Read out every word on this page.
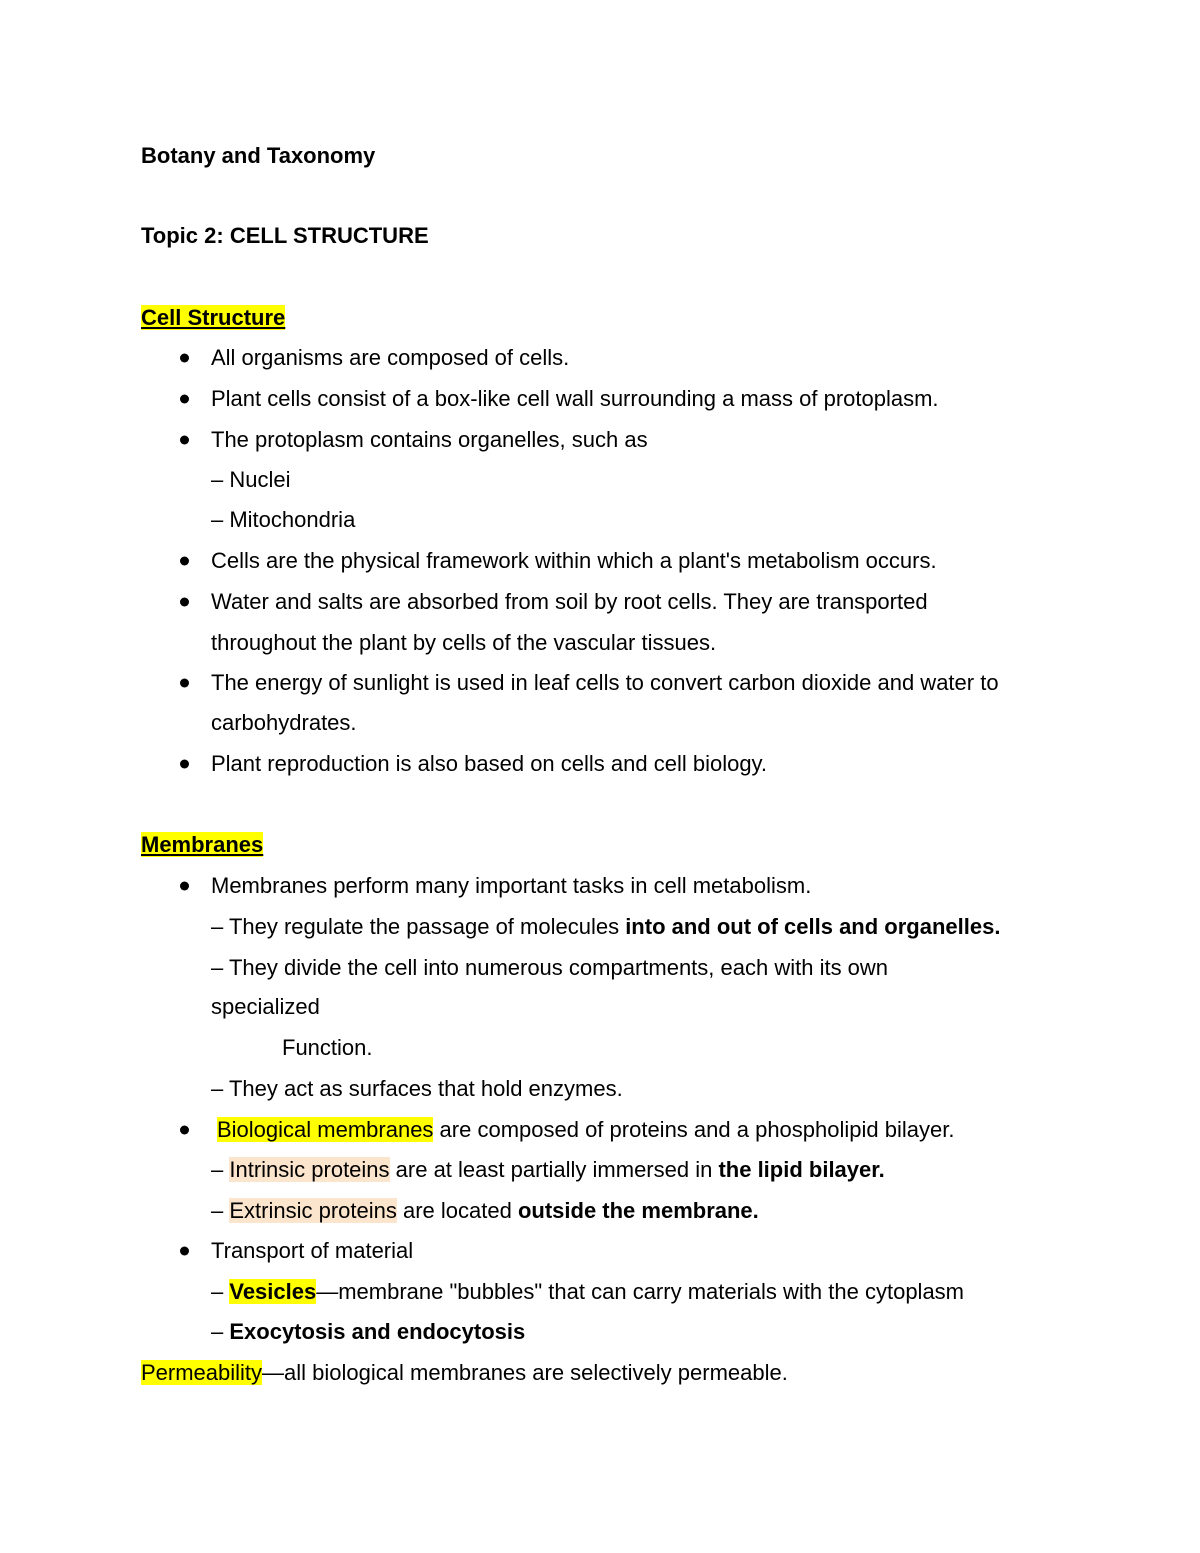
Botany and Taxonomy
Topic 2: CELL STRUCTURE
Cell Structure
All organisms are composed of cells.
Plant cells consist of a box-like cell wall surrounding a mass of protoplasm.
The protoplasm contains organelles, such as
– Nuclei
– Mitochondria
Cells are the physical framework within which a plant's metabolism occurs.
Water and salts are absorbed from soil by root cells. They are transported
throughout the plant by cells of the vascular tissues.
The energy of sunlight is used in leaf cells to convert carbon dioxide and water to
carbohydrates.
Plant reproduction is also based on cells and cell biology.
Membranes
Membranes perform many important tasks in cell metabolism.
– They regulate the passage of molecules into and out of cells and organelles.
– They divide the cell into numerous compartments, each with its own
specialized
Function.
– They act as surfaces that hold enzymes.
Biological membranes are composed of proteins and a phospholipid bilayer.
– Intrinsic proteins are at least partially immersed in the lipid bilayer.
– Extrinsic proteins are located outside the membrane.
Transport of material
– Vesicles—membrane "bubbles" that can carry materials with the cytoplasm
– Exocytosis and endocytosis
Permeability—all biological membranes are selectively permeable.
